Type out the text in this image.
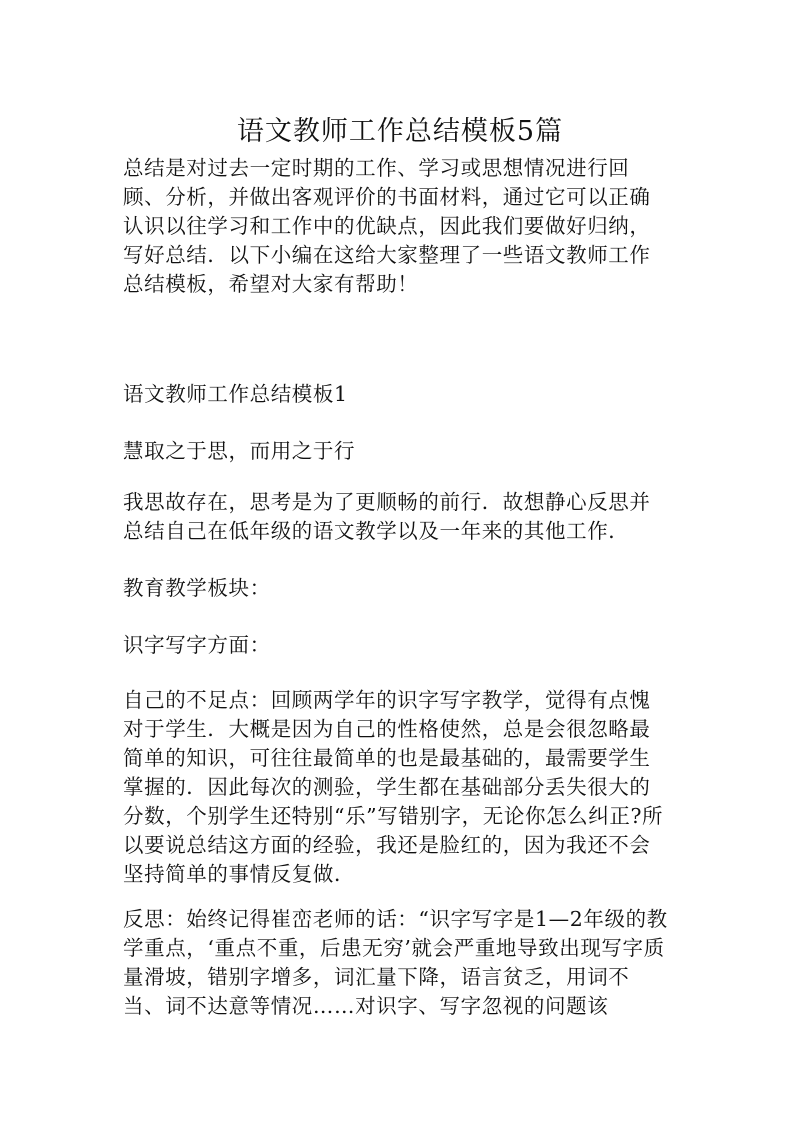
语文教师工作总结模板5篇

总结是对过去一定时期的工作、学习或思想情况进行回顾、分析，并做出客观评价的书面材料，通过它可以正确认识以往学习和工作中的优缺点，因此我们要做好归纳，写好总结．以下小编在这给大家整理了一些语文教师工作总结模板，希望对大家有帮助！

语文教师工作总结模板1

慧取之于思，而用之于行

我思故存在，思考是为了更顺畅的前行．故想静心反思并总结自己在低年级的语文教学以及一年来的其他工作．

教育教学板块：

识字写字方面：

自己的不足点：回顾两学年的识字写字教学，觉得有点愧对于学生．大概是因为自己的性格使然，总是会很忽略最简单的知识，可往往最简单的也是最基础的，最需要学生掌握的．因此每次的测验，学生都在基础部分丢失很大的分数，个别学生还特别“乐”写错别字，无论你怎么纠正?所以要说总结这方面的经验，我还是脸红的，因为我还不会坚持简单的事情反复做．

反思：始终记得崔峦老师的话：“识字写字是1—2年级的教学重点，‘重点不重，后患无穷’就会严重地导致出现写字质量滑坡，错别字增多，词汇量下降，语言贫乏，用词不当、词不达意等情况……对识字、写字忽视的问题该
